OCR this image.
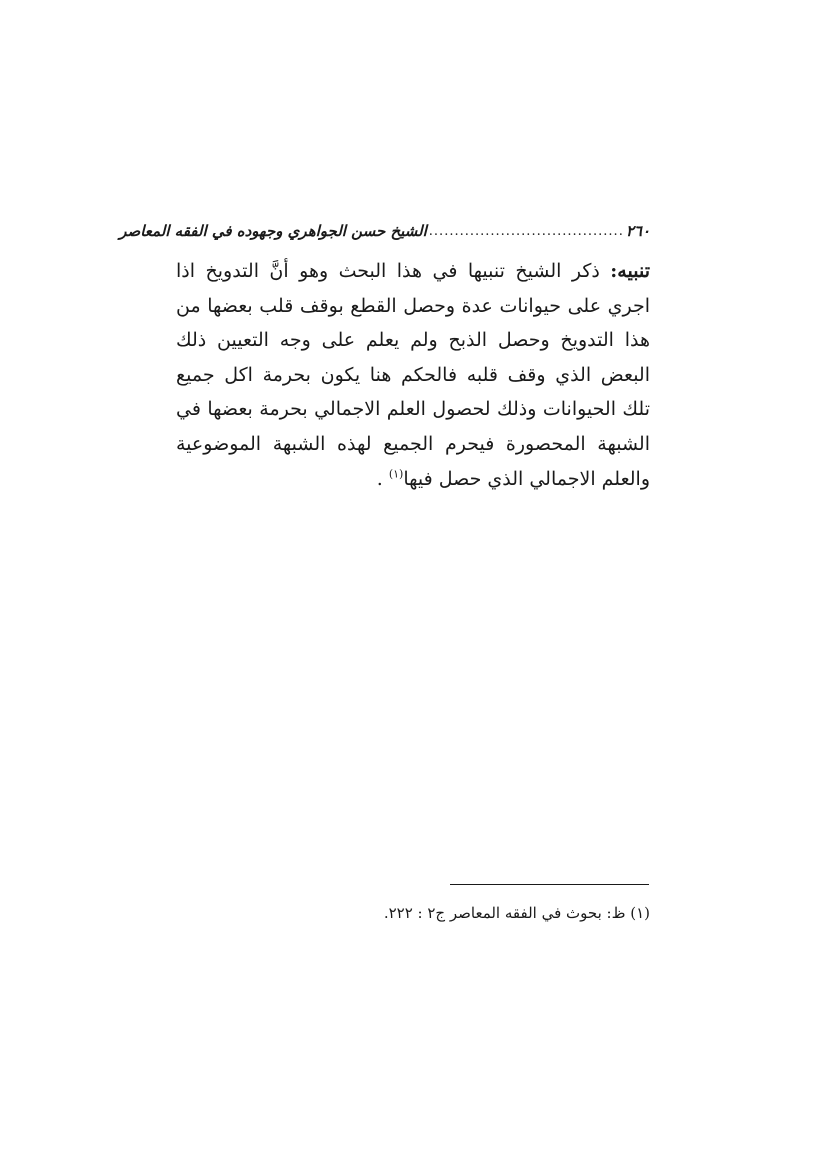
٢٦٠
......................................
الشيخ حسن الجواهري وجهوده في الفقه المعاصر

تنبيه: ذكر الشيخ تنبيها في هذا البحث وهو أنَّ التدويخ اذا اجري على حيوانات عدة وحصل القطع بوقف قلب بعضها من هذا التدويخ وحصل الذبح ولم يعلم على وجه التعيين ذلك البعض الذي وقف قلبه فالحكم هنا يكون بحرمة اكل جميع تلك الحيوانات وذلك لحصول العلم الاجمالي بحرمة بعضها في الشبهة المحصورة فيحرم الجميع لهذه الشبهة الموضوعية والعلم الاجمالي الذي حصل فيها$^{(١)}$ .

(١) ظ: بحوث في الفقه المعاصر ج٢ : ٢٢٢.
